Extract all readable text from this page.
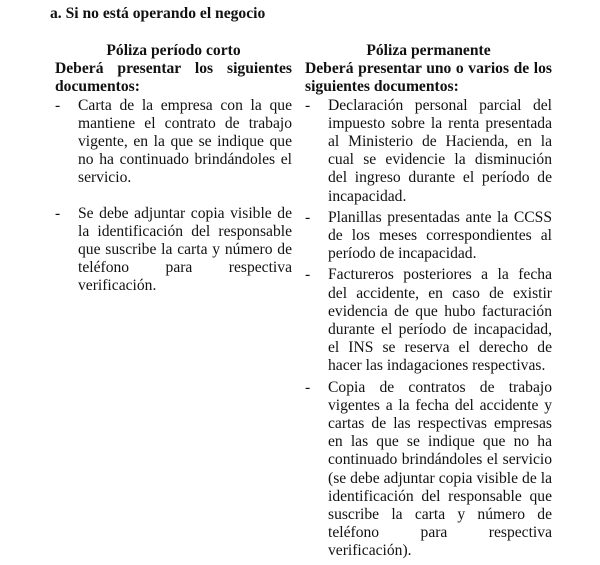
a. Si no está operando el negocio
Póliza período corto
Deberá presentar los siguientes documentos:
-	Carta de la empresa con la que mantiene el contrato de trabajo vigente, en la que se indique que no ha continuado brindándoles el servicio.
-	Se debe adjuntar copia visible de la identificación del responsable que suscribe la carta y número de teléfono para respectiva verificación.
Póliza permanente
Deberá presentar uno o varios de los siguientes documentos:
-	Declaración personal parcial del impuesto sobre la renta presentada al Ministerio de Hacienda, en la cual se evidencie la disminución del ingreso durante el período de incapacidad.
-	Planillas presentadas ante la CCSS de los meses correspondientes al período de incapacidad.
-	Factureros posteriores a la fecha del accidente, en caso de existir evidencia de que hubo facturación durante el período de incapacidad, el INS se reserva el derecho de hacer las indagaciones respectivas.
-	Copia de contratos de trabajo vigentes a la fecha del accidente y cartas de las respectivas empresas en las que se indique que no ha continuado brindándoles el servicio (se debe adjuntar copia visible de la identificación del responsable que suscribe la carta y número de teléfono para respectiva verificación).
